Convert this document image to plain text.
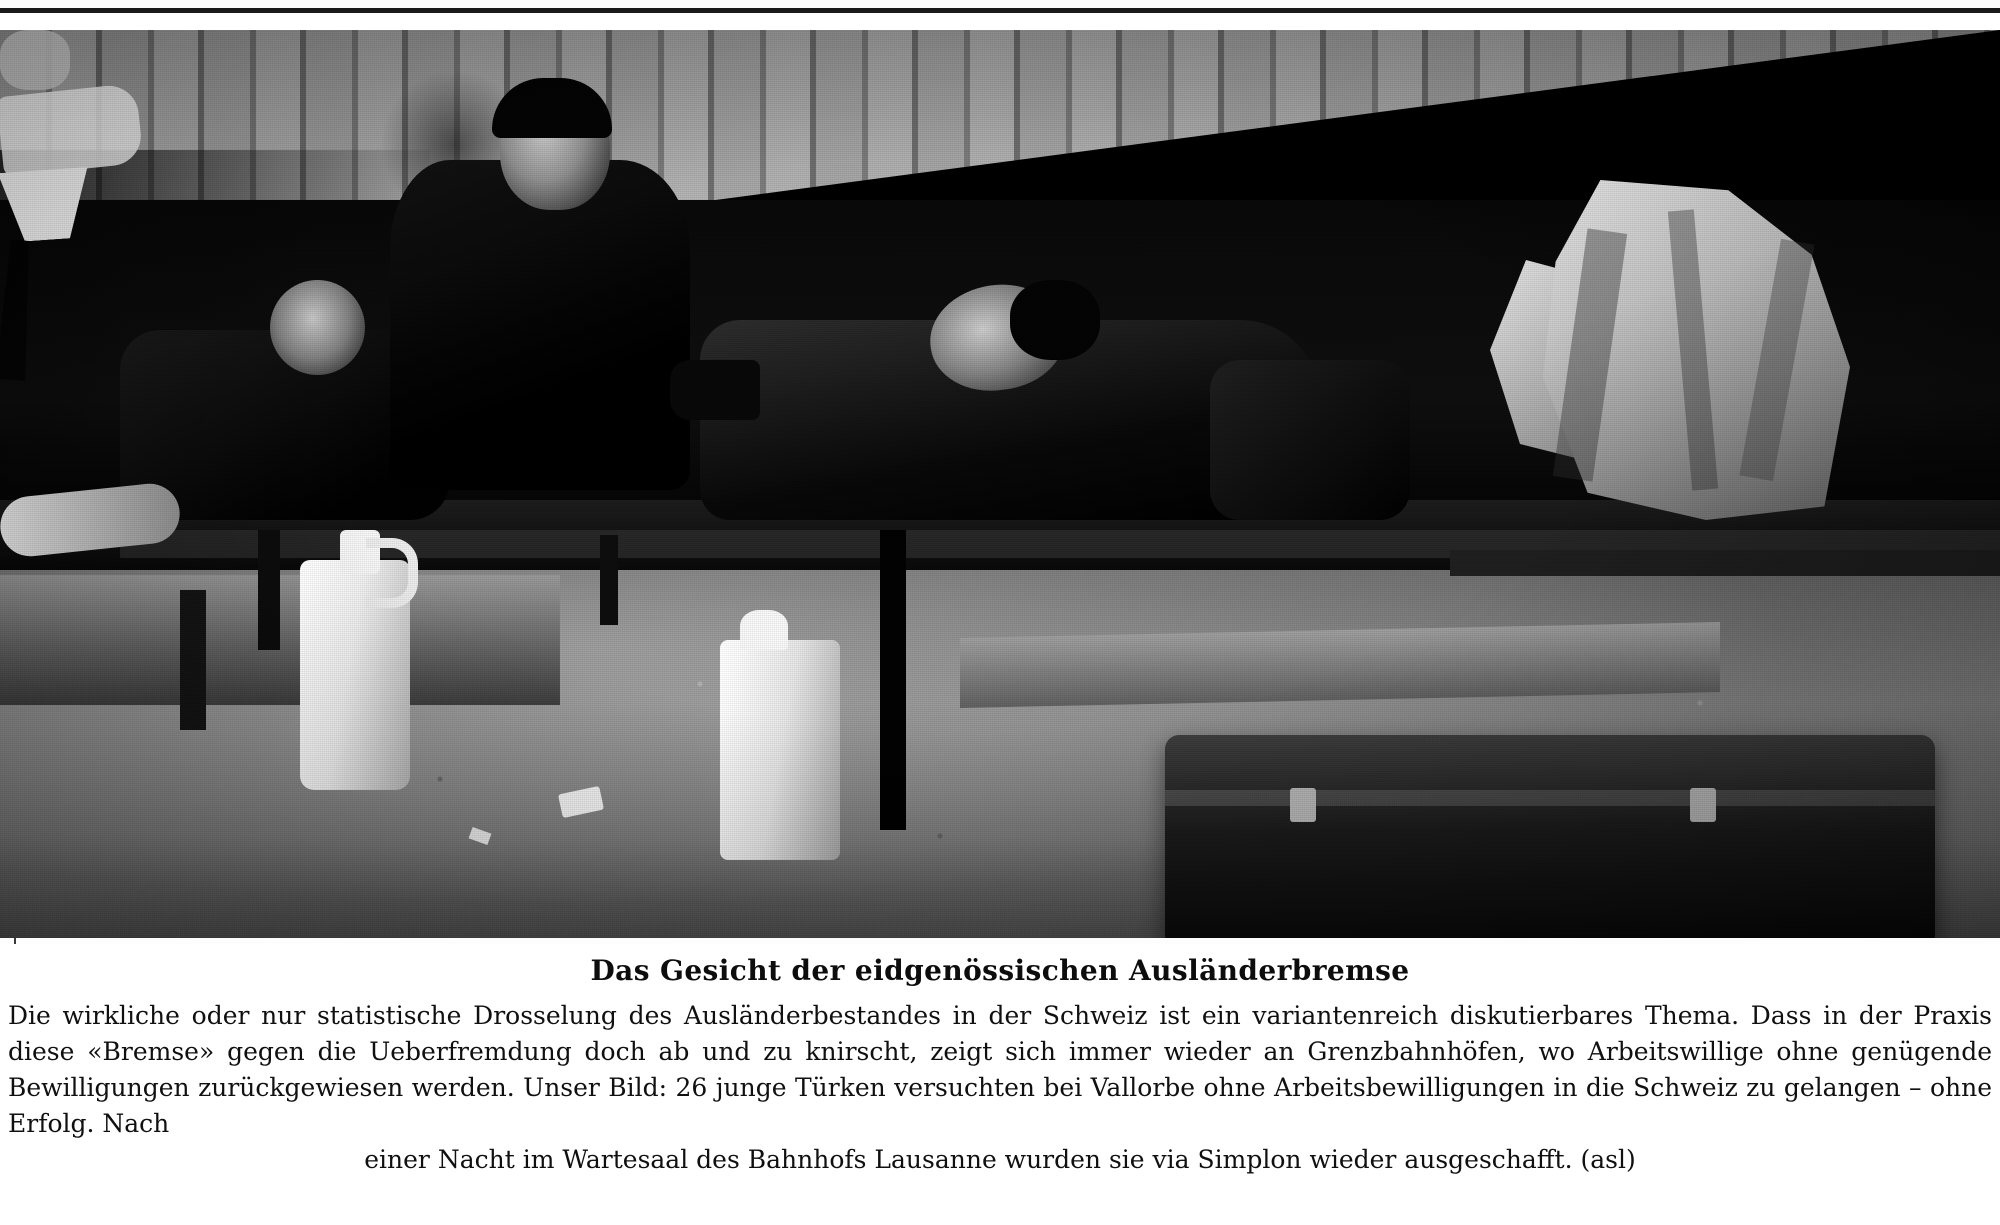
Das Gesicht der eidgenössischen Ausländerbremse
Die wirkliche oder nur statistische Drosselung des Ausländerbestandes in der Schweiz ist ein variantenreich diskutierbares Thema. Dass in der Praxis diese «Bremse» gegen die Ueberfremdung doch ab und zu knirscht, zeigt sich immer wieder an Grenzbahnhöfen, wo Arbeitswillige ohne genügende Bewilligungen zurückgewiesen werden. Unser Bild: 26 junge Türken versuchten bei Vallorbe ohne Arbeitsbewilligungen in die Schweiz zu gelangen – ohne Erfolg. Nach
einer Nacht im Wartesaal des Bahnhofs Lausanne wurden sie via Simplon wieder ausgeschafft. (asl)
